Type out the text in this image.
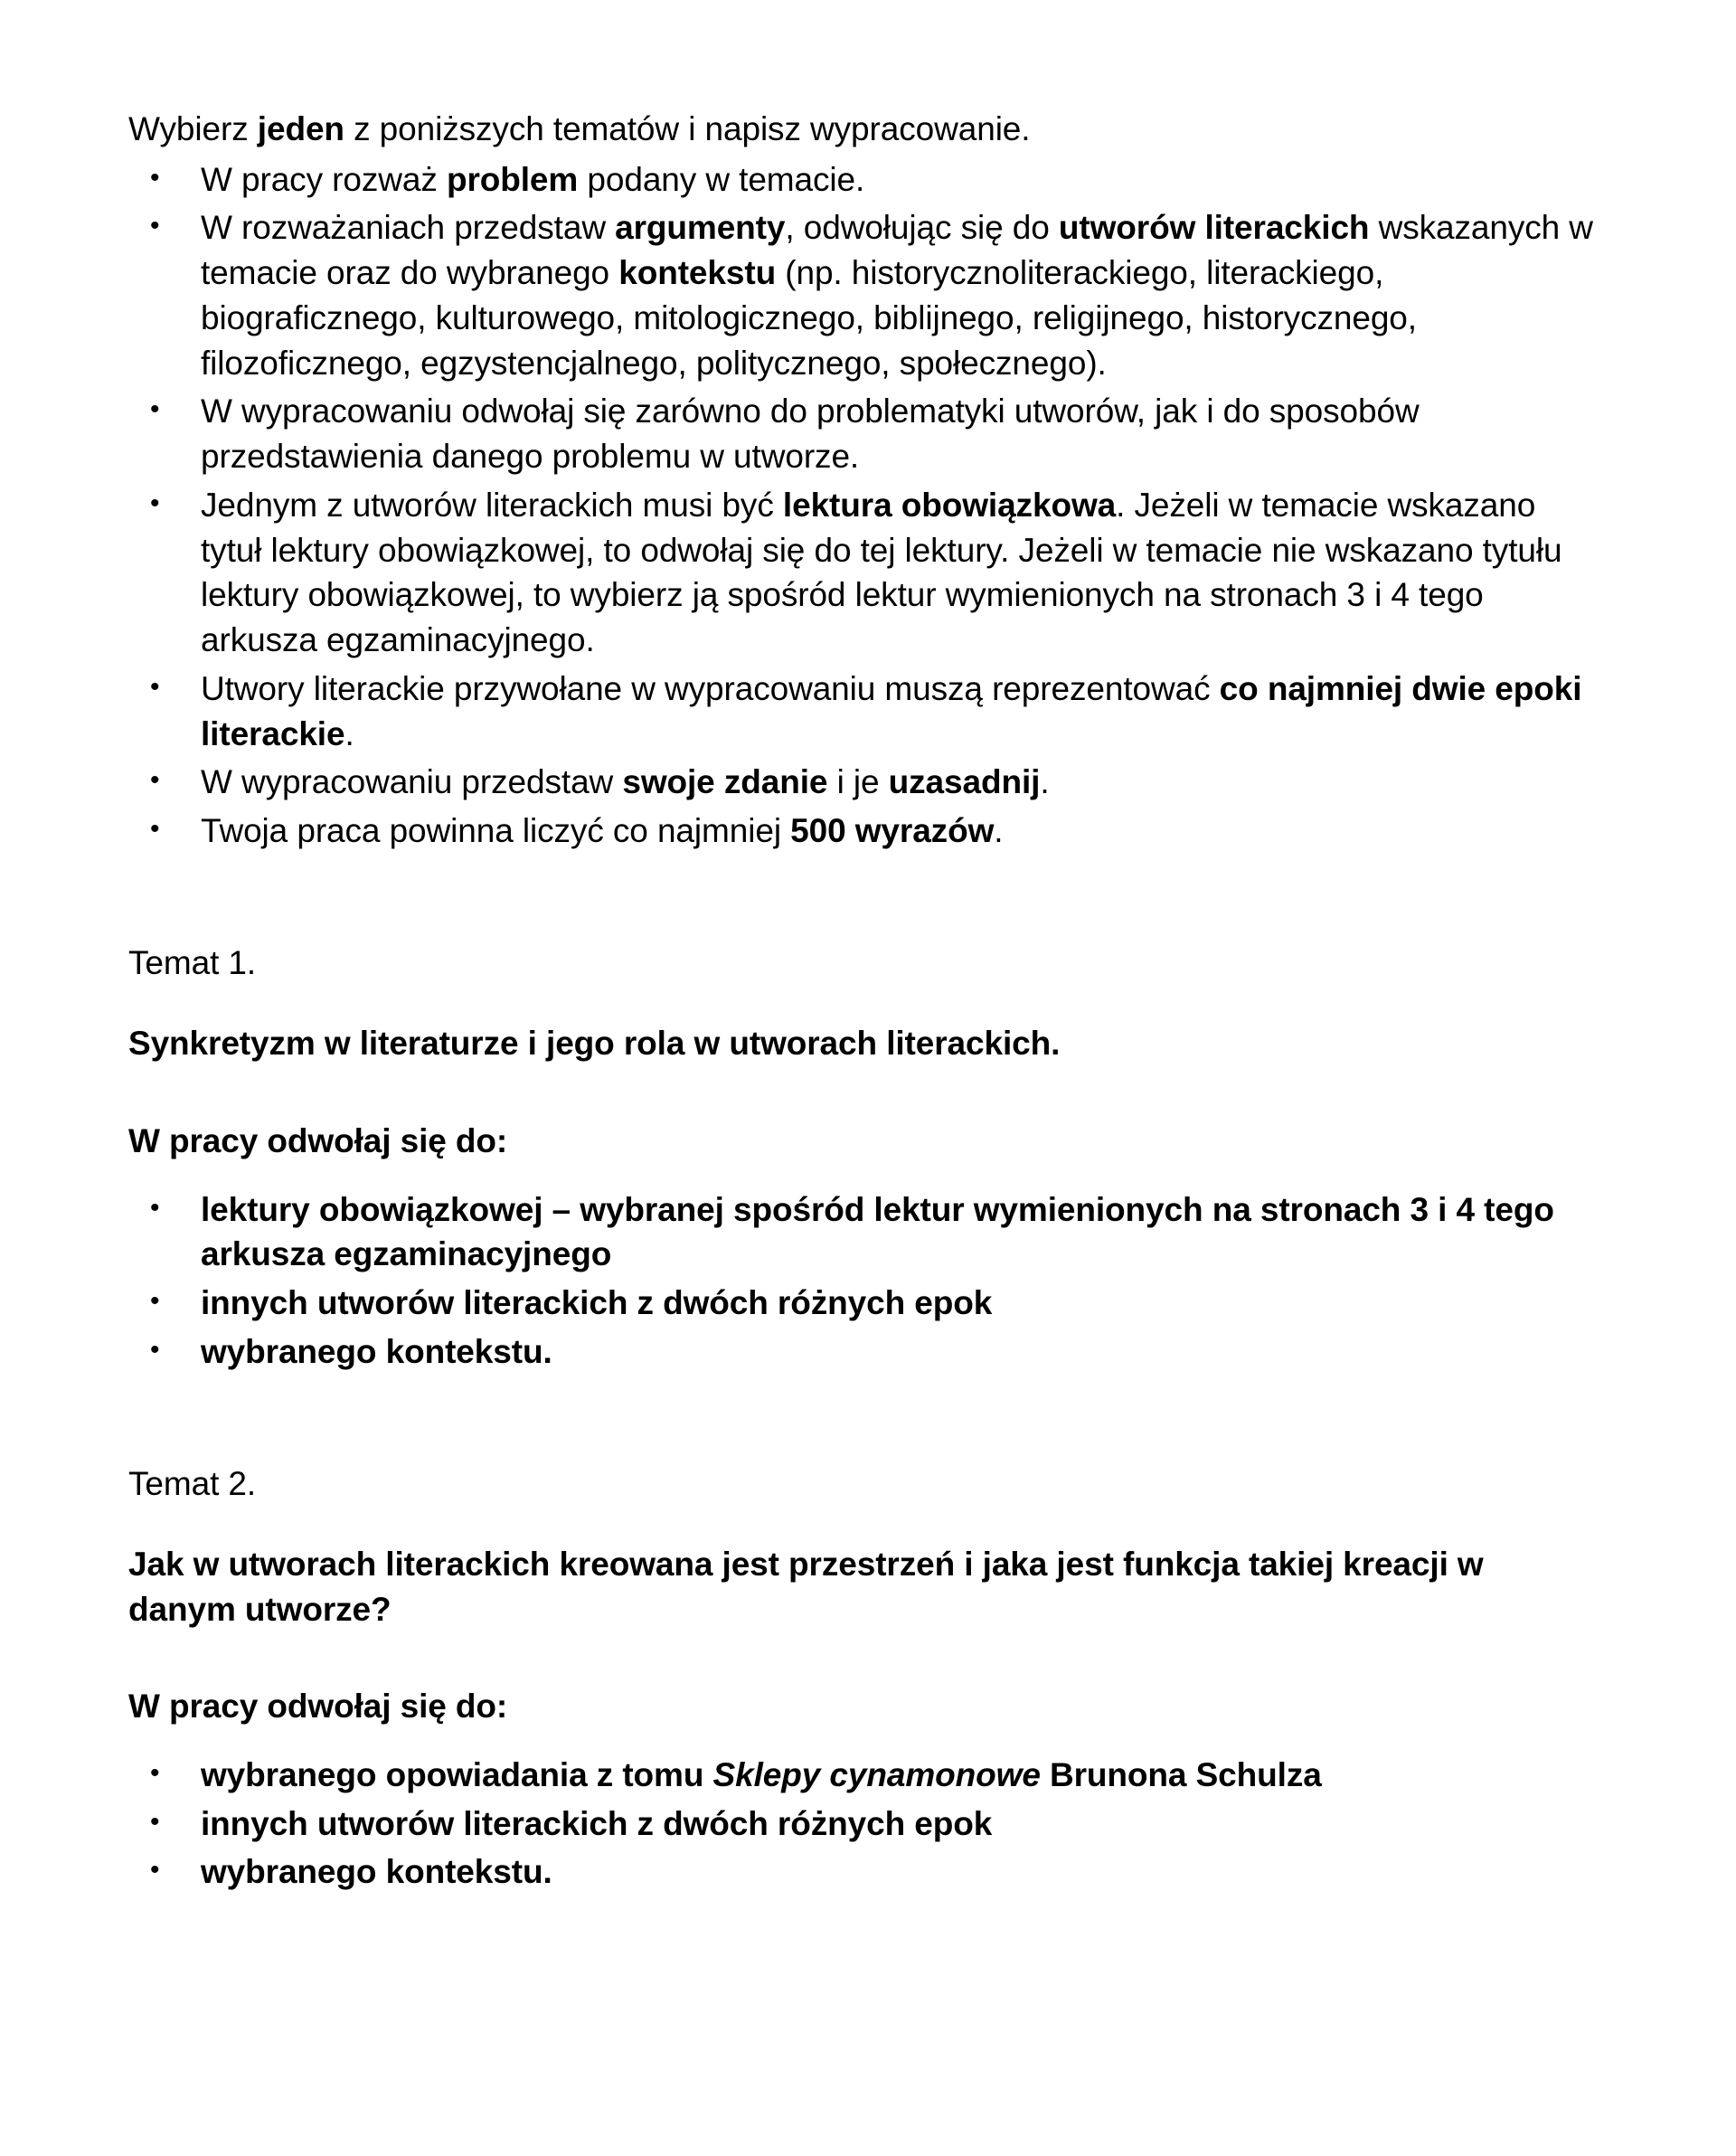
Wybierz jeden z poniższych tematów i napisz wypracowanie.

• W pracy rozważ problem podany w temacie.
• W rozważaniach przedstaw argumenty, odwołując się do utworów literackich wskazanych w temacie oraz do wybranego kontekstu (np. historycznoliterackiego, literackiego, biograficznego, kulturowego, mitologicznego, biblijnego, religijnego, historycznego, filozoficznego, egzystencjalnego, politycznego, społecznego).
• W wypracowaniu odwołaj się zarówno do problematyki utworów, jak i do sposobów przedstawienia danego problemu w utworze.
• Jednym z utworów literackich musi być lektura obowiązkowa. Jeżeli w temacie wskazano tytuł lektury obowiązkowej, to odwołaj się do tej lektury. Jeżeli w temacie nie wskazano tytułu lektury obowiązkowej, to wybierz ją spośród lektur wymienionych na stronach 3 i 4 tego arkusza egzaminacyjnego.
• Utwory literackie przywołane w wypracowaniu muszą reprezentować co najmniej dwie epoki literackie.
• W wypracowaniu przedstaw swoje zdanie i je uzasadnij.
• Twoja praca powinna liczyć co najmniej 500 wyrazów.

Temat 1.

Synkretyzm w literaturze i jego rola w utworach literackich.

W pracy odwołaj się do:

• lektury obowiązkowej – wybranej spośród lektur wymienionych na stronach 3 i 4 tego arkusza egzaminacyjnego
• innych utworów literackich z dwóch różnych epok
• wybranego kontekstu.

Temat 2.

Jak w utworach literackich kreowana jest przestrzeń i jaka jest funkcja takiej kreacji w danym utworze?

W pracy odwołaj się do:

• wybranego opowiadania z tomu Sklepy cynamonowe Brunona Schulza
• innych utworów literackich z dwóch różnych epok
• wybranego kontekstu.
